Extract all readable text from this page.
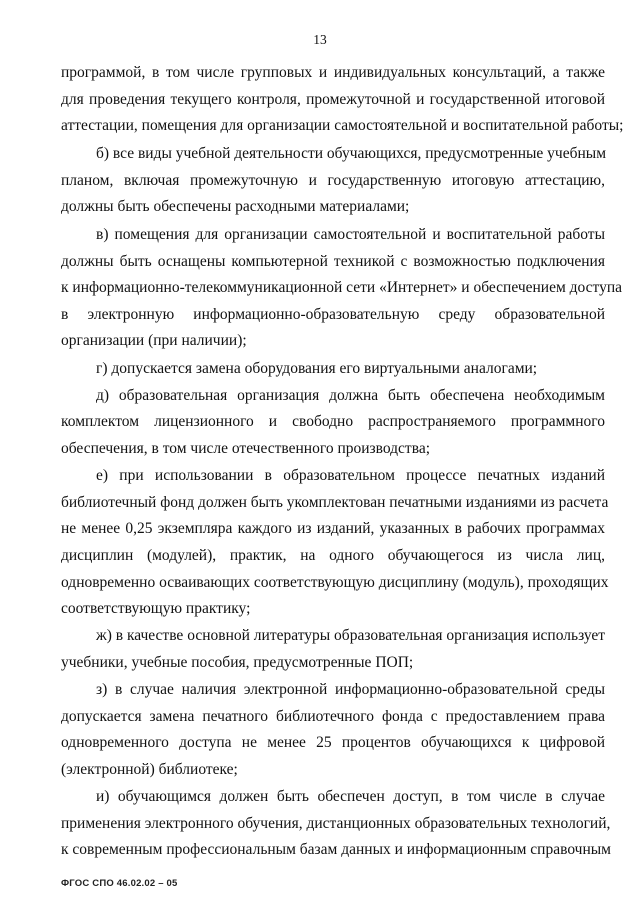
13
программой, в том числе групповых и индивидуальных консультаций, а также
для проведения текущего контроля, промежуточной и государственной итоговой
аттестации, помещения для организации самостоятельной и воспитательной работы;
б) все виды учебной деятельности обучающихся, предусмотренные учебным
планом, включая промежуточную и государственную итоговую аттестацию,
должны быть обеспечены расходными материалами;
в) помещения для организации самостоятельной и воспитательной работы
должны быть оснащены компьютерной техникой с возможностью подключения
к информационно-телекоммуникационной сети «Интернет» и обеспечением доступа
в электронную информационно-образовательную среду образовательной
организации (при наличии);
г) допускается замена оборудования его виртуальными аналогами;
д) образовательная организация должна быть обеспечена необходимым
комплектом лицензионного и свободно распространяемого программного
обеспечения, в том числе отечественного производства;
е) при использовании в образовательном процессе печатных изданий
библиотечный фонд должен быть укомплектован печатными изданиями из расчета
не менее 0,25 экземпляра каждого из изданий, указанных в рабочих программах
дисциплин (модулей), практик, на одного обучающегося из числа лиц,
одновременно осваивающих соответствующую дисциплину (модуль), проходящих
соответствующую практику;
ж) в качестве основной литературы образовательная организация использует
учебники, учебные пособия, предусмотренные ПОП;
з) в случае наличия электронной информационно-образовательной среды
допускается замена печатного библиотечного фонда с предоставлением права
одновременного доступа не менее 25 процентов обучающихся к цифровой
(электронной) библиотеке;
и) обучающимся должен быть обеспечен доступ, в том числе в случае
применения электронного обучения, дистанционных образовательных технологий,
к современным профессиональным базам данных и информационным справочным
ФГОС СПО 46.02.02 – 05
